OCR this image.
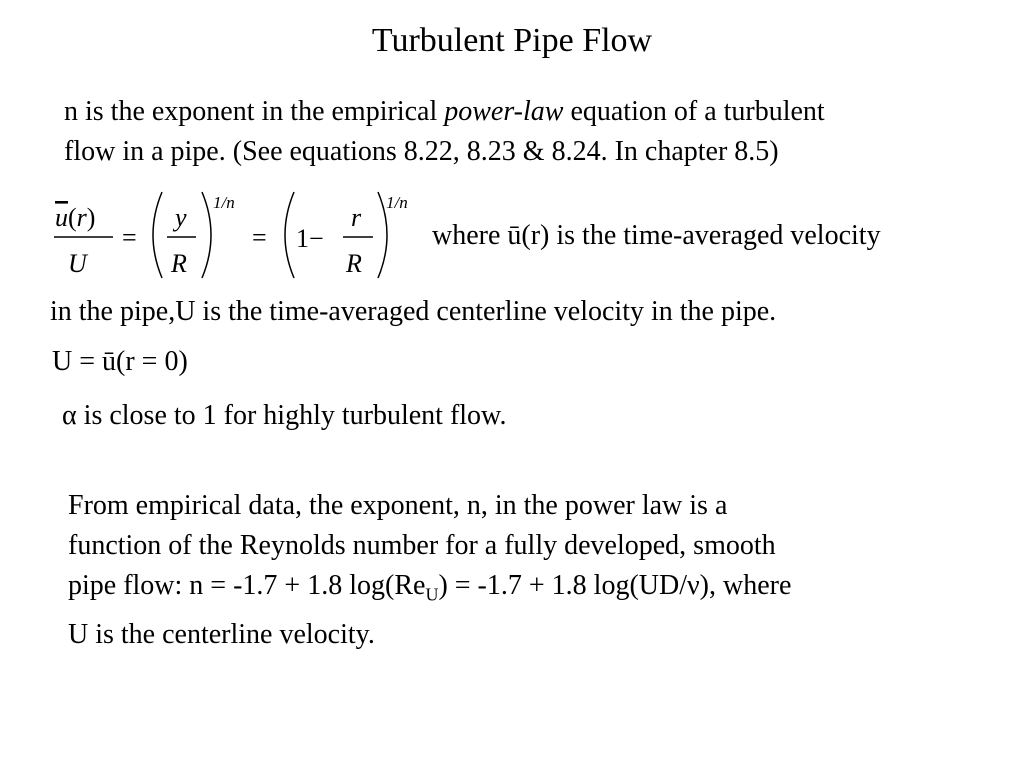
Turbulent Pipe Flow
n is the exponent in the empirical power-law equation of a turbulent
flow in a pipe. (See equations 8.22, 8.23 & 8.24. In chapter 8.5)
u(r)
U
=
y
R
1/n
= 1−
r
R
1/n
where ū(r) is the time-averaged velocity
in the pipe,U is the time-averaged centerline velocity in the pipe.
U = ū(r = 0)
α is close to 1 for highly turbulent flow.
From empirical data, the exponent, n, in the power law is a
function of the Reynolds number for a fully developed, smooth
pipe flow: n = -1.7 + 1.8 $\log(Re_U) = -1.7 + 1.8$ log(UD/ν), where
U is the centerline velocity.
